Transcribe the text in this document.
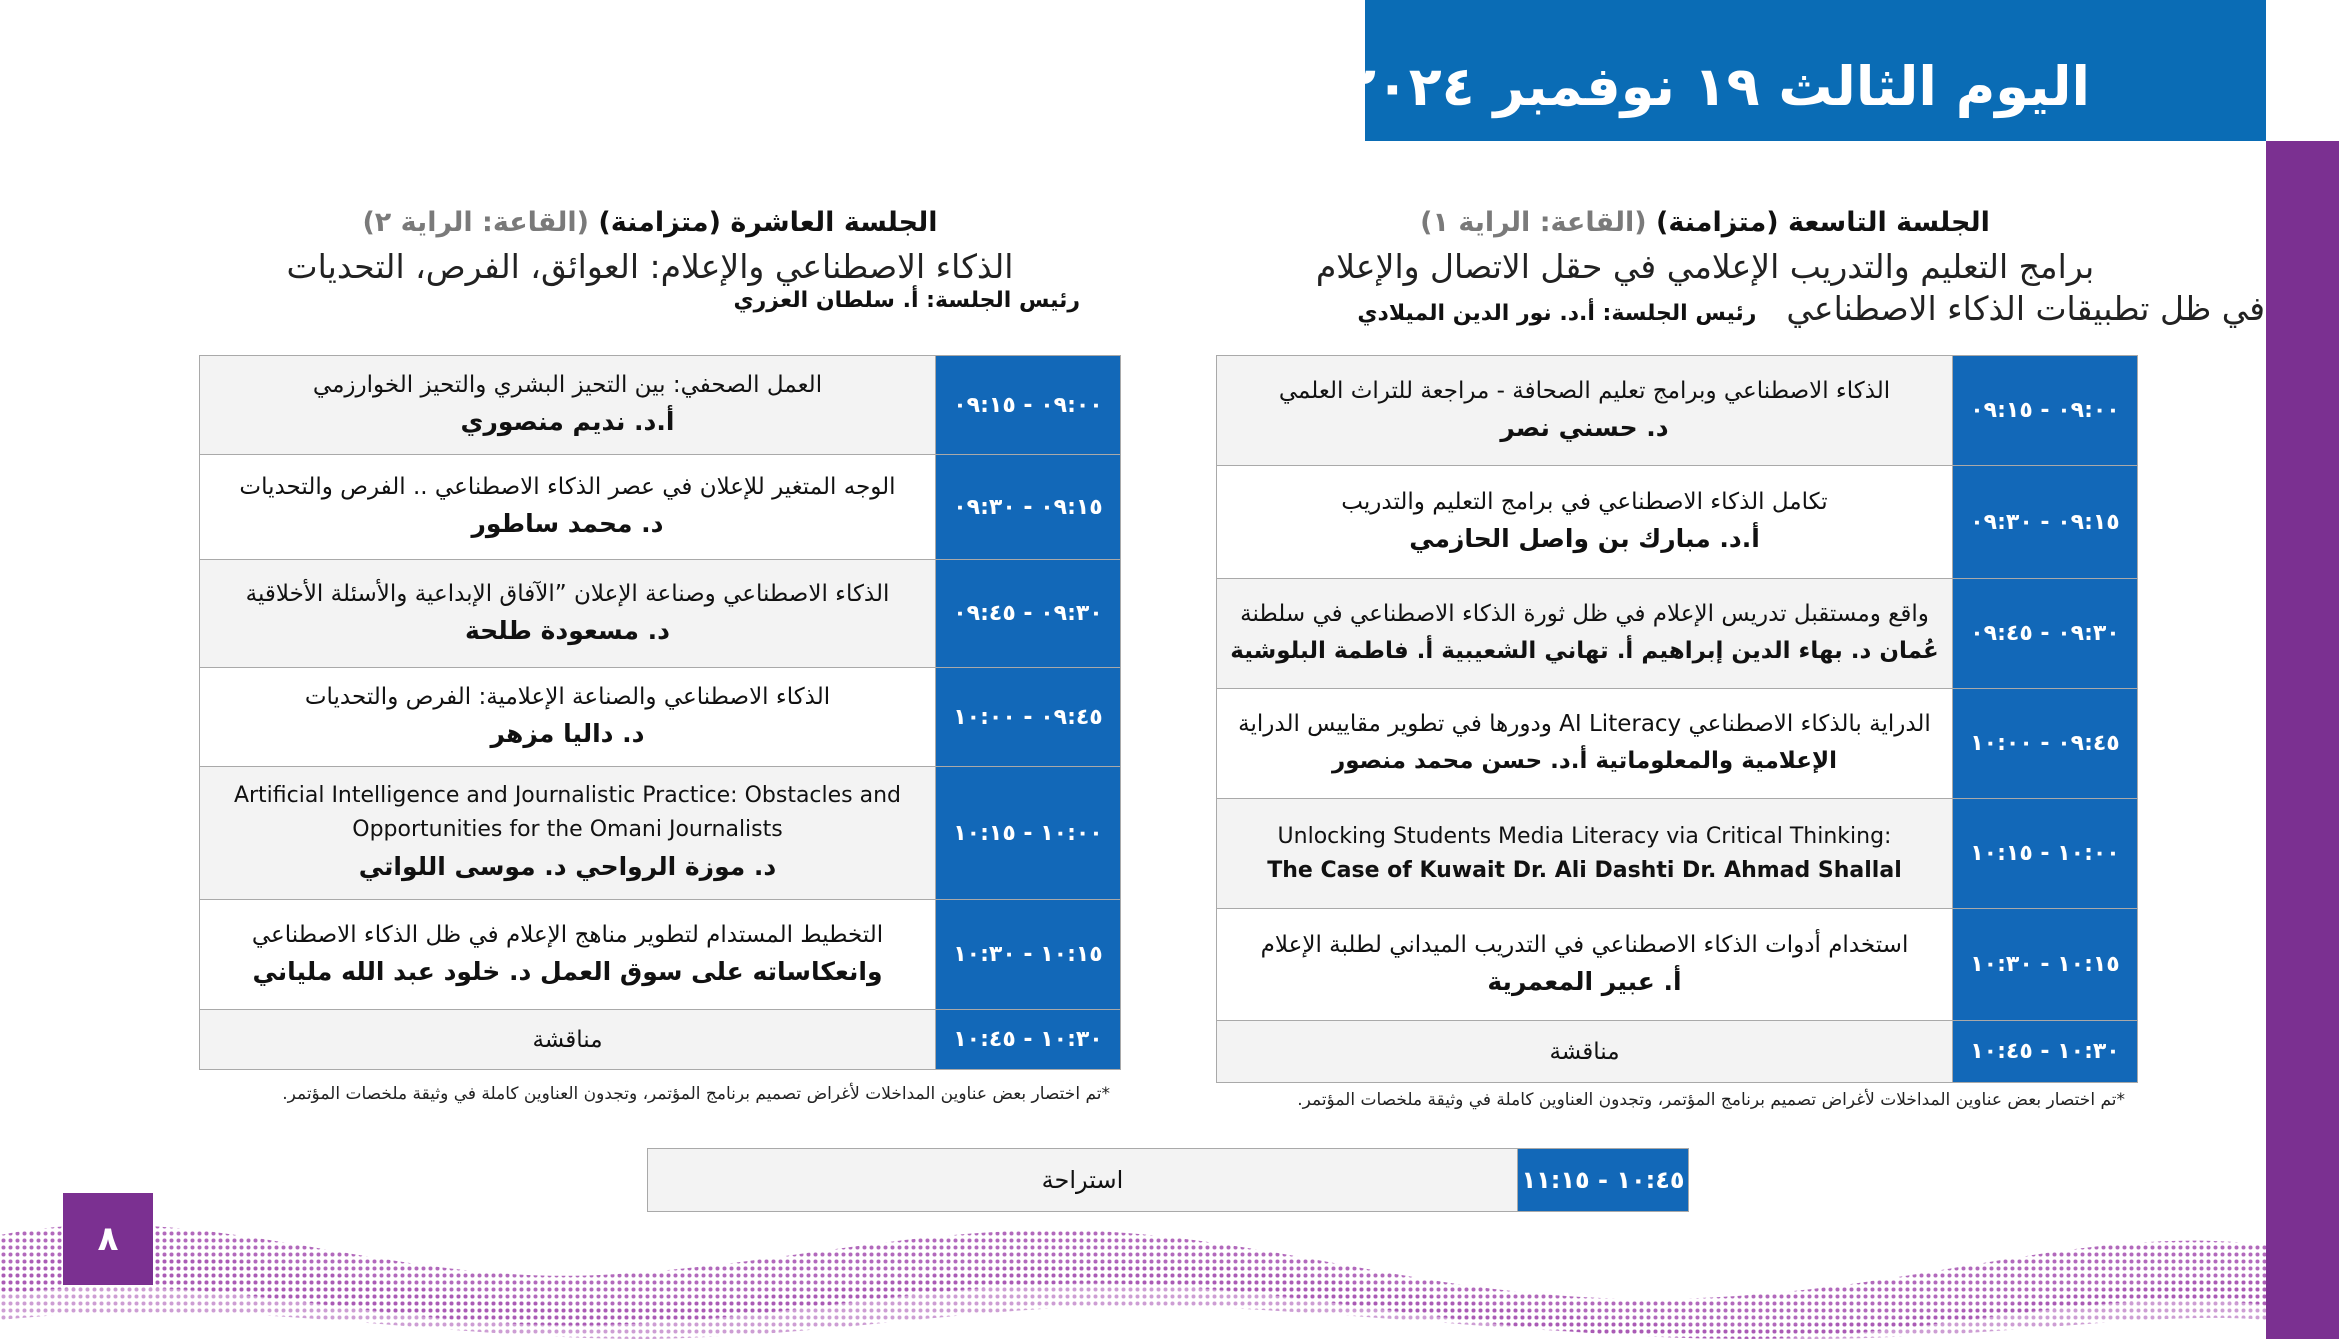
اليوم الثالث ١٩ نوفمبر ٢٠٢٤
الجلسة التاسعة (متزامنة) (القاعة: الراية ١)
برامج التعليم والتدريب الإعلامي في حقل الاتصال والإعلام
في ظل تطبيقات الذكاء الاصطناعي
رئيس الجلسة: أ.د. نور الدين الميلادي
الذكاء الاصطناعي وبرامج تعليم الصحافة - مراجعة للتراث العلمي
د. حسني نصر	٠٩:٠٠ - ٠٩:١٥

تكامل الذكاء الاصطناعي في برامج التعليم والتدريب
أ.د. مبارك بن واصل الحازمي	٠٩:١٥ - ٠٩:٣٠

واقع ومستقبل تدريس الإعلام في ظل ثورة الذكاء الاصطناعي في سلطنة
عُمان د. بهاء الدين إبراهيم أ. تهاني الشعيبية أ. فاطمة البلوشية	٠٩:٣٠ - ٠٩:٤٥

الدراية بالذكاء الاصطناعي AI Literacy ودورها في تطوير مقاييس الدراية
الإعلامية والمعلوماتية أ.د. حسن محمد منصور	٠٩:٤٥ - ١٠:٠٠

Unlocking Students Media Literacy via Critical Thinking:
The Case of Kuwait Dr. Ali Dashti Dr. Ahmad Shallal	١٠:٠٠ - ١٠:١٥

استخدام أدوات الذكاء الاصطناعي في التدريب الميداني لطلبة الإعلام
أ. عبير المعمرية	١٠:١٥ - ١٠:٣٠

مناقشة	١٠:٣٠ - ١٠:٤٥
*تم اختصار بعض عناوين المداخلات لأغراض تصميم برنامج المؤتمر، وتجدون العناوين كاملة في وثيقة ملخصات المؤتمر.
الجلسة العاشرة (متزامنة) (القاعة: الراية ٢)
الذكاء الاصطناعي والإعلام: العوائق، الفرص، التحديات
رئيس الجلسة: أ. سلطان العزري
العمل الصحفي: بين التحيز البشري والتحيز الخوارزمي
أ.د. نديم منصوري	٠٩:٠٠ - ٠٩:١٥

الوجه المتغير للإعلان في عصر الذكاء الاصطناعي .. الفرص والتحديات
د. محمد ساطور	٠٩:١٥ - ٠٩:٣٠

الذكاء الاصطناعي وصناعة الإعلان ”الآفاق الإبداعية والأسئلة الأخلاقية
د. مسعودة طلحة	٠٩:٣٠ - ٠٩:٤٥

الذكاء الاصطناعي والصناعة الإعلامية: الفرص والتحديات
د. داليا مزهر	٠٩:٤٥ - ١٠:٠٠

Artificial Intelligence and Journalistic Practice: Obstacles and Opportunities for the Omani Journalists
د. موزة الرواحي د. موسى اللواتي	١٠:٠٠ - ١٠:١٥

التخطيط المستدام لتطوير مناهج الإعلام في ظل الذكاء الاصطناعي
وانعكاساته على سوق العمل د. خلود عبد الله ملياني	١٠:١٥ - ١٠:٣٠

مناقشة	١٠:٣٠ - ١٠:٤٥
*تم اختصار بعض عناوين المداخلات لأغراض تصميم برنامج المؤتمر، وتجدون العناوين كاملة في وثيقة ملخصات المؤتمر.
استراحة	١٠:٤٥ - ١١:١٥
٨
